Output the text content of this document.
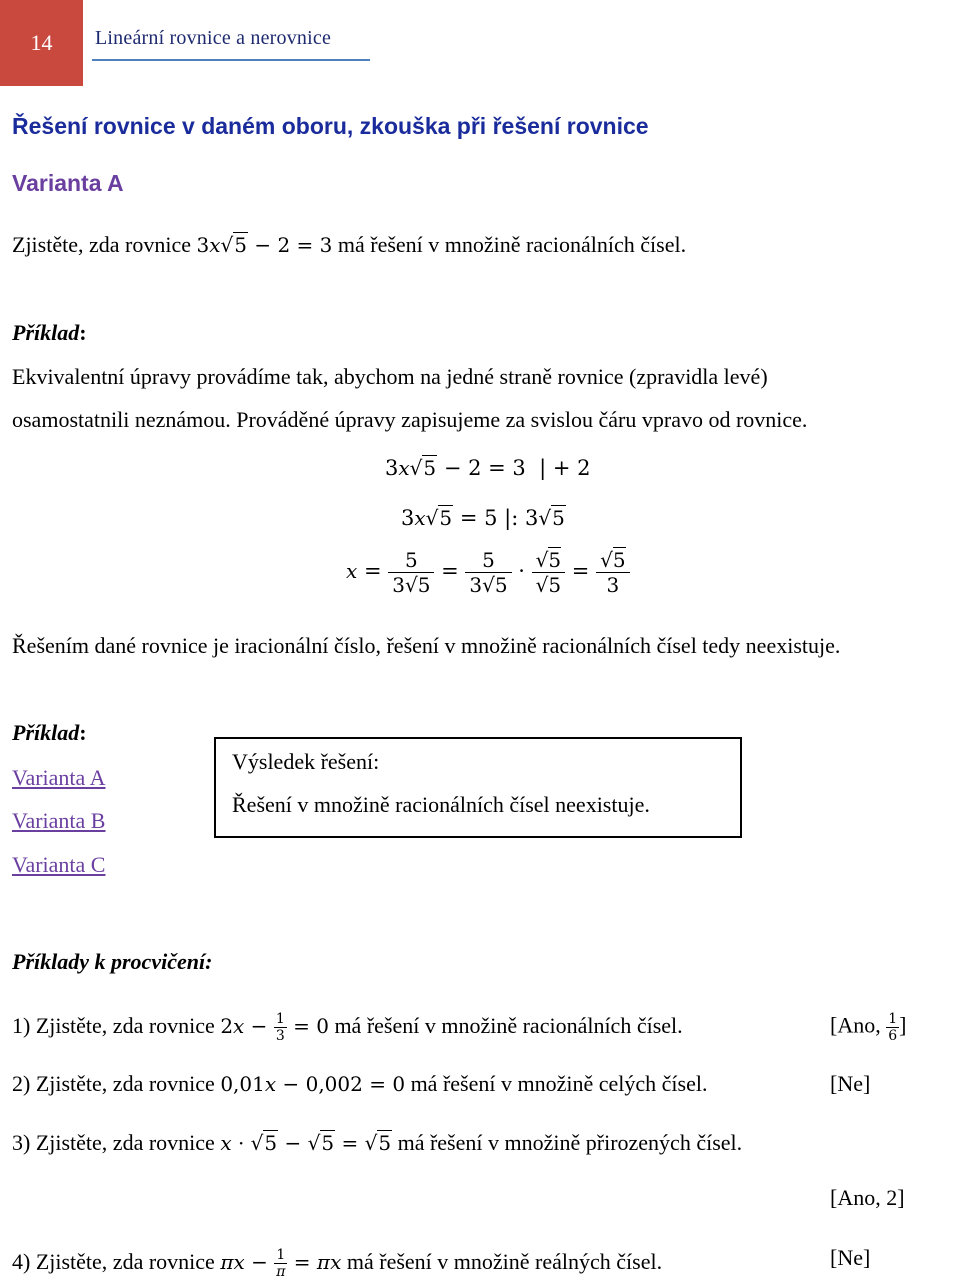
14	Lineární rovnice a nerovnice
Řešení rovnice v daném oboru, zkouška při řešení rovnice
Varianta A
Zjistěte, zda rovnice 3x√5 − 2 = 3 má řešení v množině racionálních čísel.
Příklad:
Ekvivalentní úpravy provádíme tak, abychom na jedné straně rovnice (zpravidla levé)
osamostatnili neznámou. Prováděné úpravy zapisujeme za svislou čáru vpravo od rovnice.
3x√5 − 2 = 3  | + 2
3x√5 = 5 |: 3√5
$x = \frac{5}{3√5} = \frac{5}{3√5} \cdot \frac{√5}{√5} = \frac{√5}{3}$
Řešením dané rovnice je iracionální číslo, řešení v množině racionálních čísel tedy neexistuje.
Příklad:
Varianta A
Varianta B
Varianta C
Výsledek řešení:
Řešení v množině racionálních čísel neexistuje.
Příklady k procvičení:
1) Zjistěte, zda rovnice $2x - \frac{1}{3} = 0$ má řešení v množině racionálních čísel.	[Ano, $\frac{1}{6}$ ]
2) Zjistěte, zda rovnice 0,01x − 0,002 = 0 má řešení v množině celých čísel.	[Ne]
3) Zjistěte, zda rovnice x · √5 − √5 = √5 má řešení v množině přirozených čísel.
[Ano, 2]
4) Zjistěte, zda rovnice $\pi x - \frac{1}{\pi} = \pi x$ má řešení v množině reálných čísel.	[Ne]
